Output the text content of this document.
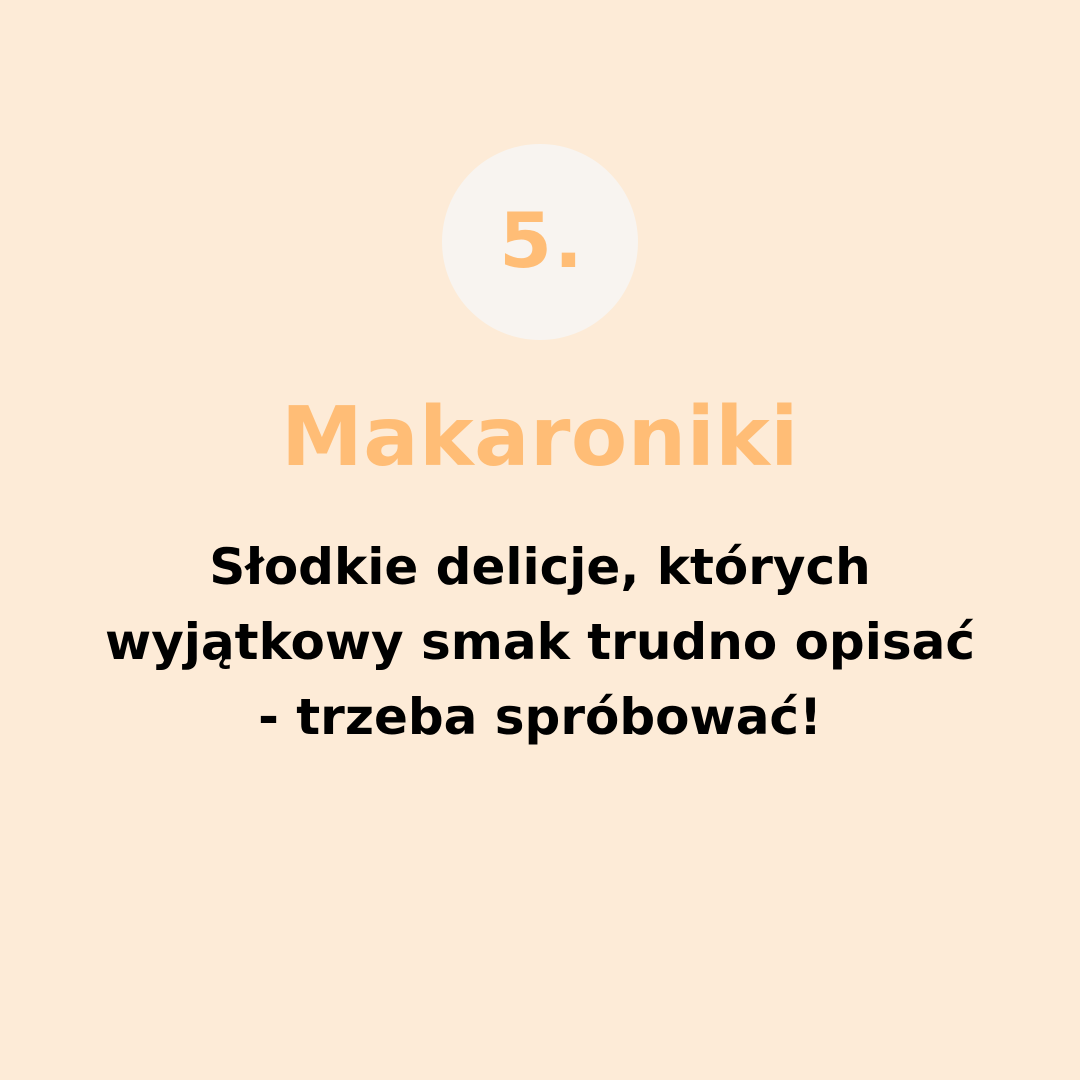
5.
Makaroniki
Słodkie delicje, których wyjątkowy smak trudno opisać - trzeba spróbować!
